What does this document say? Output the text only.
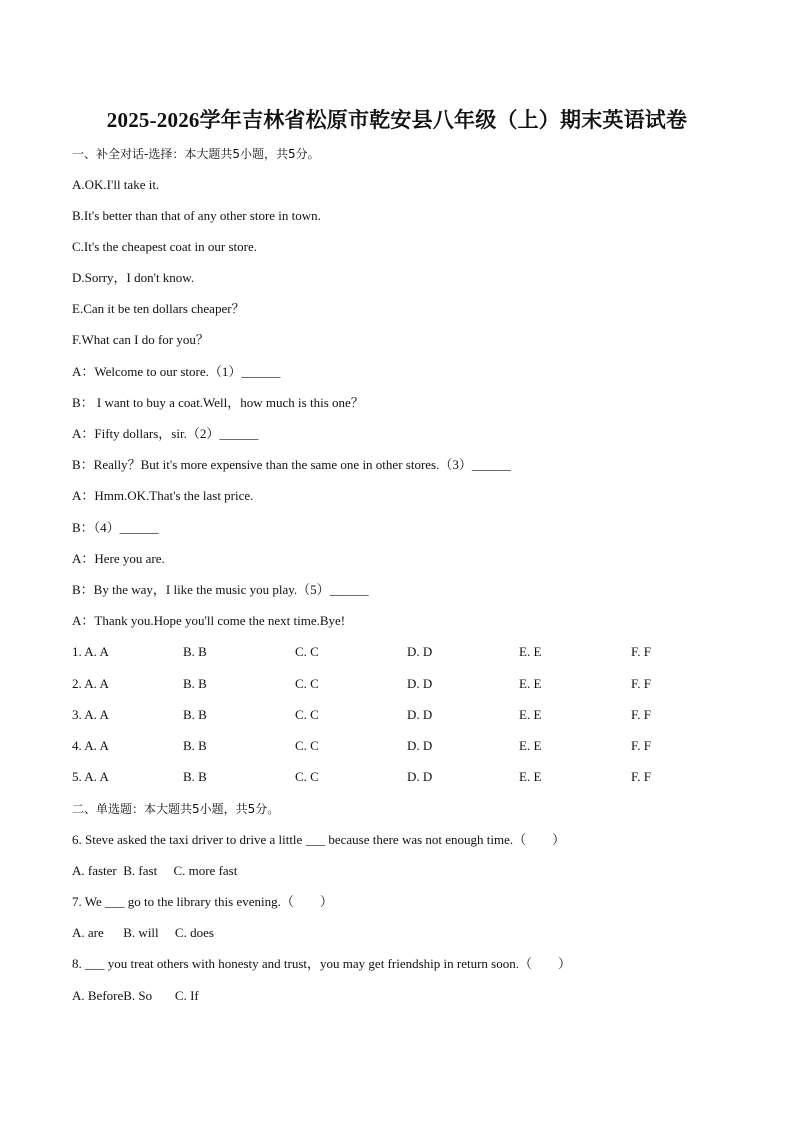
2025-2026学年吉林省松原市乾安县八年级（上）期末英语试卷
一、补全对话-选择：本大题共5小题，共5分。
A.OK.I'll take it.
B.It's better than that of any other store in town.
C.It's the cheapest coat in our store.
D.Sorry，I don't know.
E.Can it be ten dollars cheaper？
F.What can I do for you？
A：Welcome to our store.（1）______
B： I want to buy a coat.Well，how much is this one？
A：Fifty dollars，sir.（2）______
B：Really？But it's more expensive than the same one in other stores.（3）______
A：Hmm.OK.That's the last price.
B：（4）______
A：Here you are.
B：By the way，I like the music you play.（5）______
A：Thank you.Hope you'll come the next time.Bye!
1. A. A	B. B	C. C	D. D	E. E	F. F
2. A. A	B. B	C. C	D. D	E. E	F. F
3. A. A	B. B	C. C	D. D	E. E	F. F
4. A. A	B. B	C. C	D. D	E. E	F. F
5. A. A	B. B	C. C	D. D	E. E	F. F
二、单选题：本大题共5小题，共5分。
6. Steve asked the taxi driver to drive a little ___ because there was not enough time.（　　）
A. faster  B. fast     C. more fast
7. We ___ go to the library this evening.（　　）
A. are      B. will     C. does
8. ___ you treat others with honesty and trust，you may get friendship in return soon.（　　）
A. BeforeB. So       C. If
